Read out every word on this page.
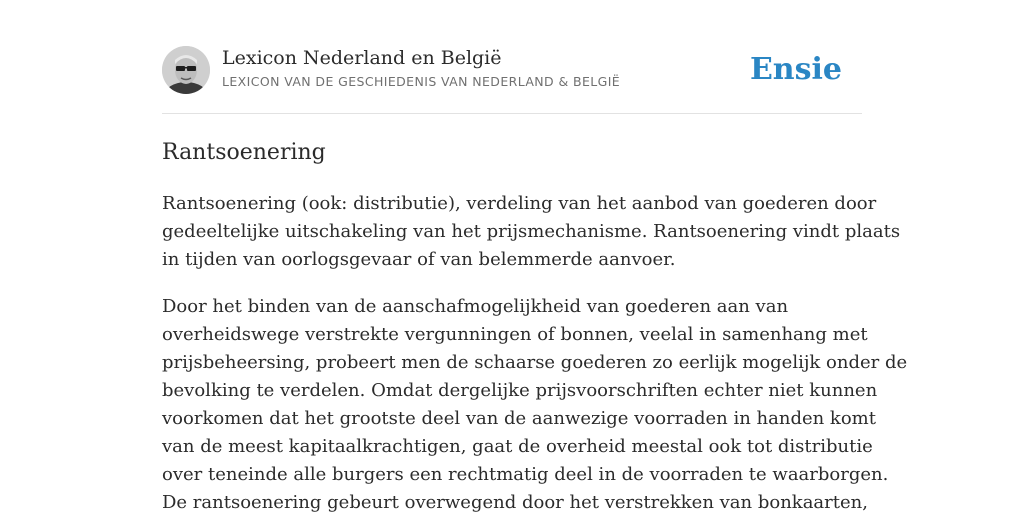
Lexicon Nederland en België
LEXICON VAN DE GESCHIEDENIS VAN NEDERLAND & BELGIË	Ensie
Rantsoenering

Rantsoenering (ook: distributie), verdeling van het aanbod van goederen door
gedeeltelijke uitschakeling van het prijsmechanisme. Rantsoenering vindt plaats
in tijden van oorlogsgevaar of van belemmerde aanvoer.

Door het binden van de aanschafmogelijkheid van goederen aan van
overheidswege verstrekte vergunningen of bonnen, veelal in samenhang met
prijsbeheersing, probeert men de schaarse goederen zo eerlijk mogelijk onder de
bevolking te verdelen. Omdat dergelijke prijsvoorschriften echter niet kunnen
voorkomen dat het grootste deel van de aanwezige voorraden in handen komt
van de meest kapitaalkrachtigen, gaat de overheid meestal ook tot distributie
over teneinde alle burgers een rechtmatig deel in de voorraden te waarborgen.
De rantsoenering gebeurt overwegend door het verstrekken van bonkaarten,
